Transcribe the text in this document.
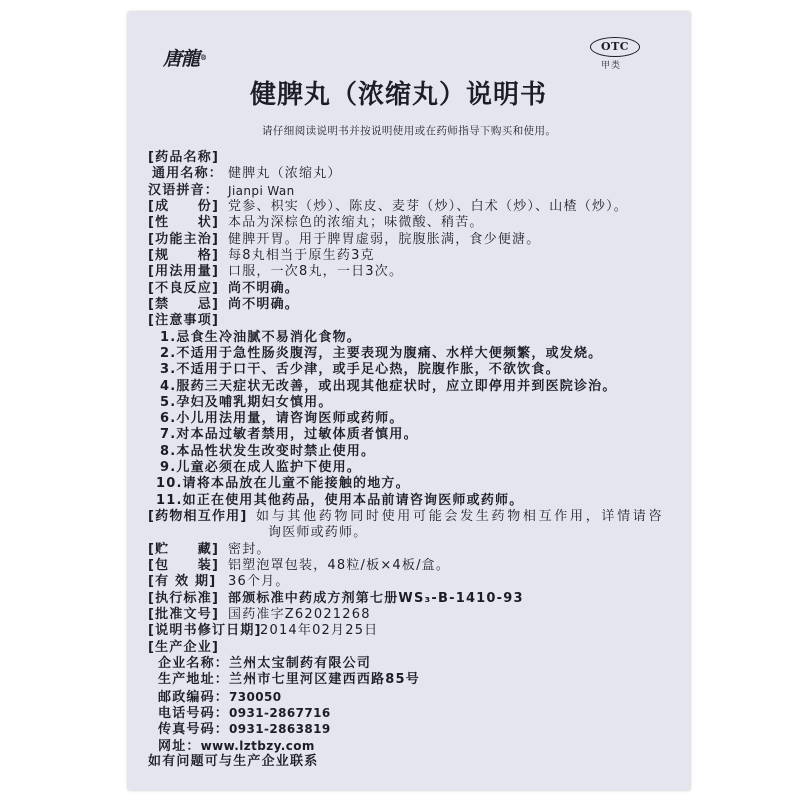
唐龍®
OTC
甲类
健脾丸（浓缩丸）说明书
请仔细阅读说明书并按说明使用或在药师指导下购买和使用。
[药品名称]
通用名称： 健脾丸（浓缩丸）
汉语拼音： Jianpi Wan
[成　　份] 党参、枳实（炒）、陈皮、麦芽（炒）、白术（炒）、山楂（炒）。
[性　　状] 本品为深棕色的浓缩丸；味微酸、稍苦。
[功能主治] 健脾开胃。用于脾胃虚弱，脘腹胀满，食少便溏。
[规　　格] 每8丸相当于原生药3克
[用法用量] 口服，一次8丸，一日3次。
[不良反应] 尚不明确。
[禁　　忌] 尚不明确。
[注意事项]
1.忌食生冷油腻不易消化食物。
2.不适用于急性肠炎腹泻，主要表现为腹痛、水样大便频繁，或发烧。
3.不适用于口干、舌少津，或手足心热，脘腹作胀，不欲饮食。
4.服药三天症状无改善，或出现其他症状时，应立即停用并到医院诊治。
5.孕妇及哺乳期妇女慎用。
6.小儿用法用量，请咨询医师或药师。
7.对本品过敏者禁用，过敏体质者慎用。
8.本品性状发生改变时禁止使用。
9.儿童必须在成人监护下使用。
10.请将本品放在儿童不能接触的地方。
11.如正在使用其他药品，使用本品前请咨询医师或药师。
[药物相互作用] 如与其他药物同时使用可能会发生药物相互作用，详情请咨
询医师或药师。
[贮　　藏] 密封。
[包　　装] 铝塑泡罩包装，48粒/板×4板/盒。
[有 效 期] 36个月。
[执行标准] 部颁标准中药成方剂第七册WS₃-B-1410-93
[批准文号] 国药准字Z62021268
[说明书修订日期]
2014年02月25日
[生产企业]
企业名称：兰州太宝制药有限公司
生产地址：兰州市七里河区建西西路85号
邮政编码：730050
电话号码：0931-2867716
传真号码：0931-2863819
网址：www.lztbzy.com
如有问题可与生产企业联系
